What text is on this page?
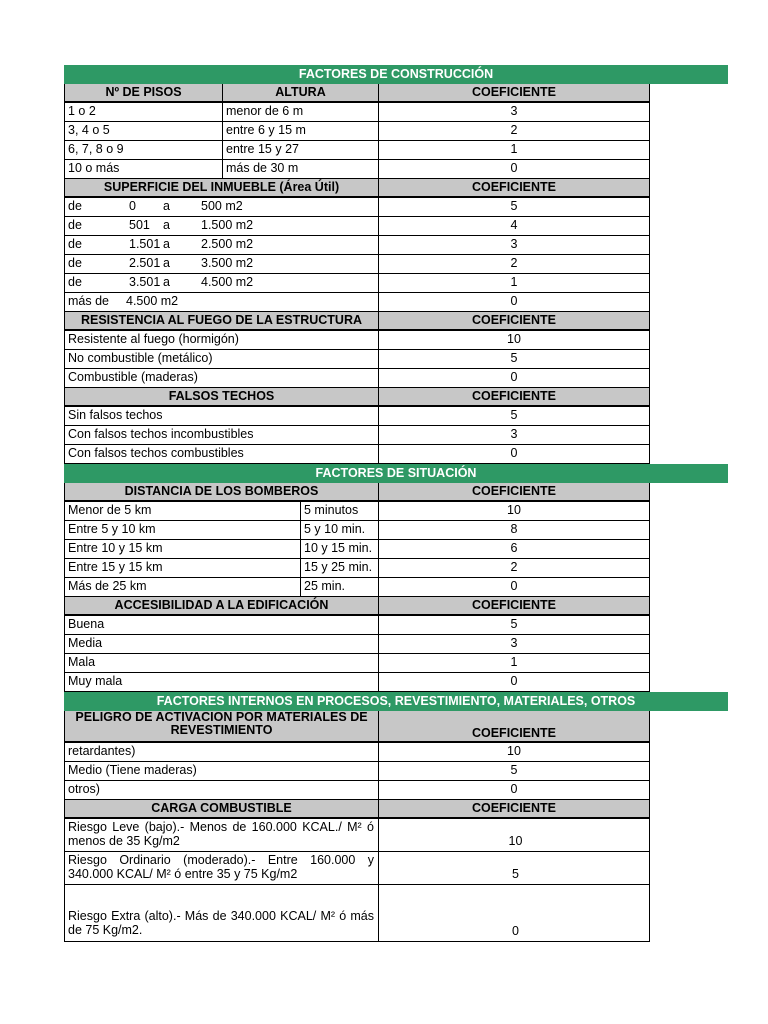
FACTORES DE CONSTRUCCIÓN
Nº DE PISOS	ALTURA	COEFICIENTE
1 o 2	menor de 6 m	3
3, 4 o 5	entre 6 y 15 m	2
6, 7, 8 o 9	entre 15 y 27	1
10 o más	más de 30 m	0
SUPERFICIE DEL INMUEBLE (Área Útil)	COEFICIENTE
de	0 a 500 m2	5
de	501 a 1.500 m2	4
de	1.501 a 2.500 m2	3
de	2.501 a 3.500 m2	2
de	3.501 a 4.500 m2	1
más de 4.500 m2	0
RESISTENCIA AL FUEGO DE LA ESTRUCTURA	COEFICIENTE
Resistente al fuego (hormigón)	10
No combustible (metálico)	5
Combustible (maderas)	0
FALSOS TECHOS	COEFICIENTE
Sin falsos techos	5
Con falsos techos incombustibles	3
Con falsos techos combustibles	0
FACTORES DE SITUACIÓN
DISTANCIA DE LOS BOMBEROS	COEFICIENTE
Menor de 5 km	5 minutos	10
Entre 5 y 10 km	5 y 10 min.	8
Entre 10 y 15 km	10 y 15 min.	6
Entre 15 y 15 km	15 y 25 min.	2
Más de 25 km	25 min.	0
ACCESIBILIDAD A LA EDIFICACIÓN	COEFICIENTE
Buena	5
Media	3
Mala	1
Muy mala	0
FACTORES INTERNOS EN PROCESOS, REVESTIMIENTO, MATERIALES, OTROS
PELIGRO DE ACTIVACION POR MATERIALES DE REVESTIMIENTO	COEFICIENTE
retardantes)	10
Medio (Tiene maderas)	5
otros)	0
CARGA COMBUSTIBLE	COEFICIENTE
Riesgo Leve (bajo).- Menos de 160.000 KCAL./ M² ó menos de 35 Kg/m2	10
Riesgo Ordinario (moderado).- Entre 160.000 y 340.000 KCAL/ M² ó entre 35 y 75 Kg/m2	5
Riesgo Extra (alto).- Más de 340.000 KCAL/ M² ó más de 75 Kg/m2.	0
